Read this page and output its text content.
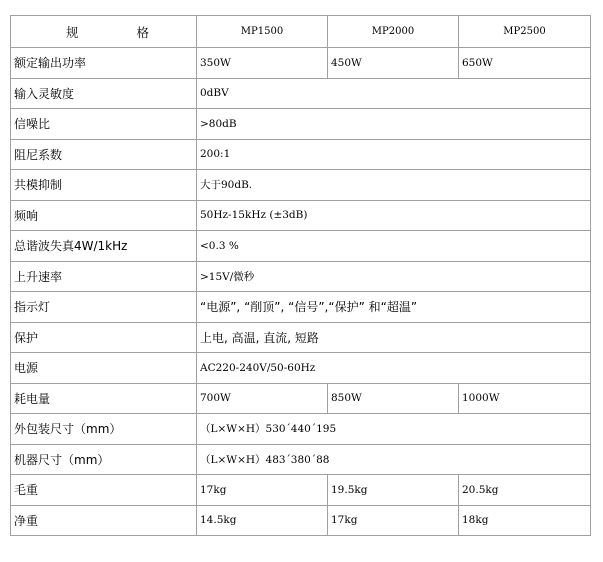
规 格	MP1500	MP2000	MP2500
额定输出功率	350W	450W	650W
输入灵敏度	0dBV		
信噪比	>80dB		
阻尼系数	200:1		
共模抑制	大于90dB.		
频响	50Hz-15kHz (±3dB)		
总谐波失真4W/1kHz	<0.3 %		
上升速率	>15V/微秒		
指示灯	“电源”, “削顶”, “信号”,“保护” 和“超温”		
保护	上电, 高温, 直流, 短路		
电源	AC220-240V/50-60Hz		
耗电量	700W	850W	1000W
外包装尺寸（mm）	（L×W×H）530´440´195		
机器尺寸（mm）	（L×W×H）483´380´88		
毛重	17kg	19.5kg	20.5kg
净重	14.5kg	17kg	18kg
